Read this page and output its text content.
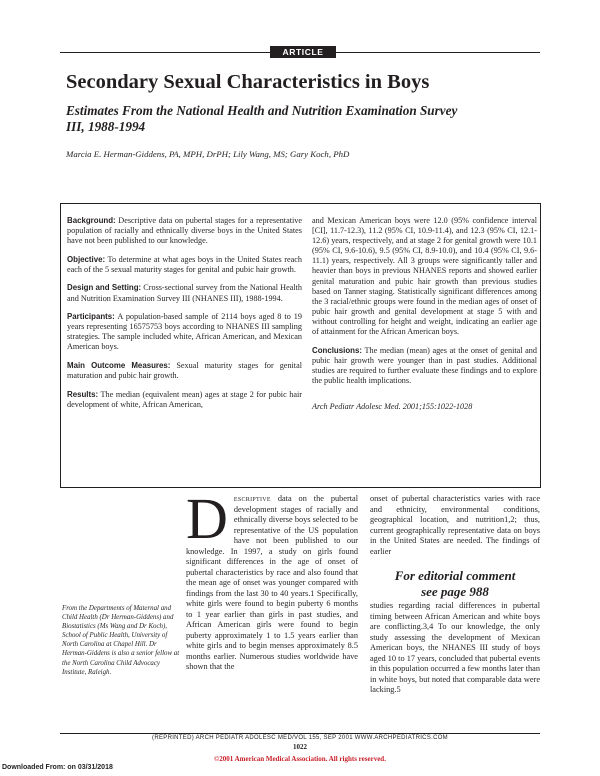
ARTICLE
Secondary Sexual Characteristics in Boys
Estimates From the National Health and Nutrition Examination Survey III, 1988-1994
Marcia E. Herman-Giddens, PA, MPH, DrPH; Lily Wang, MS; Gary Koch, PhD

Background: Descriptive data on pubertal stages for a representative population of racially and ethnically diverse boys in the United States have not been published to our knowledge.

Objective: To determine at what ages boys in the United States reach each of the 5 sexual maturity stages for genital and pubic hair growth.

Design and Setting: Cross-sectional survey from the National Health and Nutrition Examination Survey III (NHANES III), 1988-1994.

Participants: A population-based sample of 2114 boys aged 8 to 19 years representing 16575753 boys according to NHANES III sampling strategies. The sample included white, African American, and Mexican American boys.

Main Outcome Measures: Sexual maturity stages for genital maturation and pubic hair growth.

Results: The median (equivalent mean) ages at stage 2 for pubic hair development of white, African American,

and Mexican American boys were 12.0 (95% confidence interval [CI], 11.7-12.3), 11.2 (95% CI, 10.9-11.4), and 12.3 (95% CI, 12.1-12.6) years, respectively, and at stage 2 for genital growth were 10.1 (95% CI, 9.6-10.6), 9.5 (95% CI, 8.9-10.0), and 10.4 (95% CI, 9.6-11.1) years, respectively. All 3 groups were significantly taller and heavier than boys in previous NHANES reports and showed earlier genital maturation and pubic hair growth than previous studies based on Tanner staging. Statistically significant differences among the 3 racial/ethnic groups were found in the median ages of onset of pubic hair growth and genital development at stage 5 with and without controlling for height and weight, indicating an earlier age of attainment for the African American boys.

Conclusions: The median (mean) ages at the onset of genital and pubic hair growth were younger than in past studies. Additional studies are required to further evaluate these findings and to explore the public health implications.

Arch Pediatr Adolesc Med. 2001;155:1022-1028

From the Departments of Maternal and Child Health (Dr Herman-Giddens) and Biostatistics (Ms Wang and Dr Koch), School of Public Health, University of North Carolina at Chapel Hill. Dr Herman-Giddens is also a senior fellow at the North Carolina Child Advocacy Institute, Raleigh.
Descriptive data on the pubertal development stages of racially and ethnically diverse boys selected to be representative of the US population have not been published to our knowledge. In 1997, a study on girls found significant differences in the age of onset of pubertal characteristics by race and also found that the mean age of onset was younger compared with findings from the last 30 to 40 years.1 Specifically, white girls were found to begin puberty 6 months to 1 year earlier than girls in past studies, and African American girls were found to begin puberty approximately 1 to 1.5 years earlier than white girls and to begin menses approximately 8.5 months earlier. Numerous studies worldwide have shown that the
onset of pubertal characteristics varies with race and ethnicity, environmental conditions, geographical location, and nutrition1,2; thus, current geographically representative data on boys in the United States are needed. The findings of earlier
For editorial comment
see page 988
studies regarding racial differences in pubertal timing between African American and white boys are conflicting.3,4 To our knowledge, the only study assessing the development of Mexican American boys, the NHANES III study of boys aged 10 to 17 years, concluded that pubertal events in this population occurred a few months later than in white boys, but noted that comparable data were lacking.5
(REPRINTED) ARCH PEDIATR ADOLESC MED/VOL 155, SEP 2001 WWW.ARCHPEDIATRICS.COM
1022
©2001 American Medical Association. All rights reserved.
Downloaded From: on 03/31/2018
